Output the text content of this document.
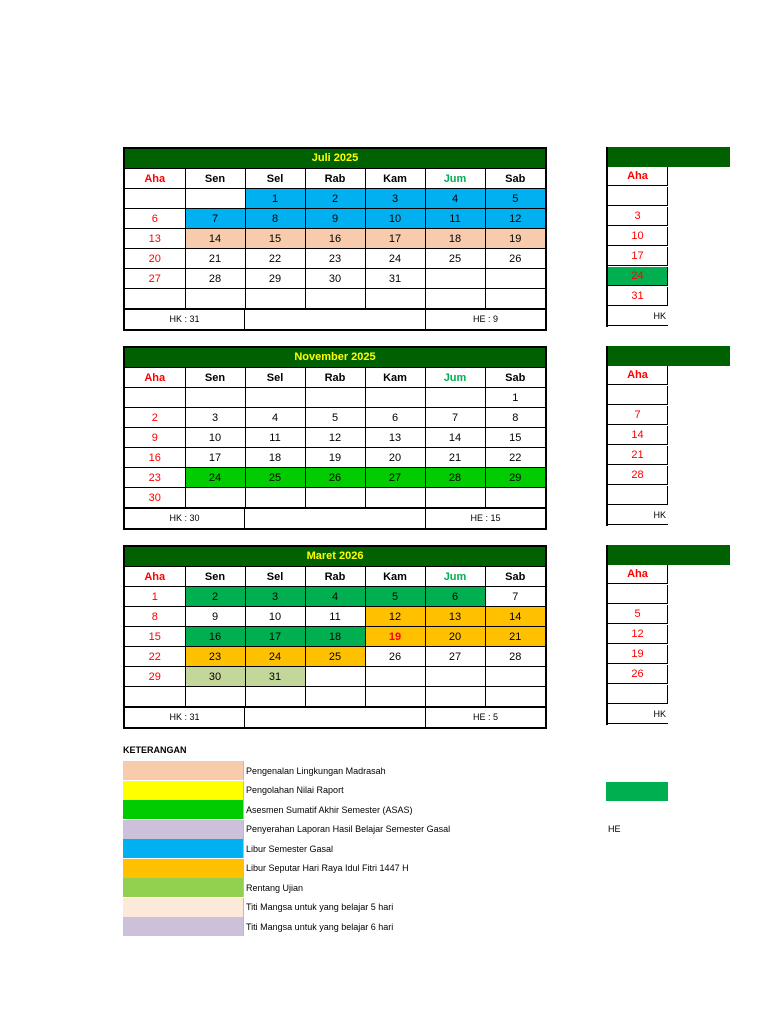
Juli 2025
Aha	Sen	Sel	Rab	Kam	Jum	Sab
		1	2	3	4	5
6	7	8	9	10	11	12
13	14	15	16	17	18	19
20	21	22	23	24	25	26
27	28	29	30	31		

HK : 31	HE : 9
November 2025
Aha	Sen	Sel	Rab	Kam	Jum	Sab
						1
2	3	4	5	6	7	8
9	10	11	12	13	14	15
16	17	18	19	20	21	22
23	24	25	26	27	28	29
30						
HK : 30	HE : 15
Maret 2026
Aha	Sen	Sel	Rab	Kam	Jum	Sab
1	2	3	4	5	6	7
8	9	10	11	12	13	14
15	16	17	18	19	20	21
22	23	24	25	26	27	28
29	30	31				

HK : 31	HE : 5
Aha
3
10
17
24
31
HK
Aha
7
14
21
28
HK
Aha
5
12
19
26
HK
KETERANGAN
Pengenalan Lingkungan Madrasah
Pengolahan Nilai Raport
Asesmen Sumatif Akhir Semester (ASAS)
Penyerahan Laporan Hasil Belajar Semester Gasal
Libur Semester Gasal
Libur Seputar Hari Raya Idul Fitri 1447 H
Rentang Ujian
Titi Mangsa untuk yang belajar 5 hari
Titi Mangsa untuk yang belajar 6 hari
HE
